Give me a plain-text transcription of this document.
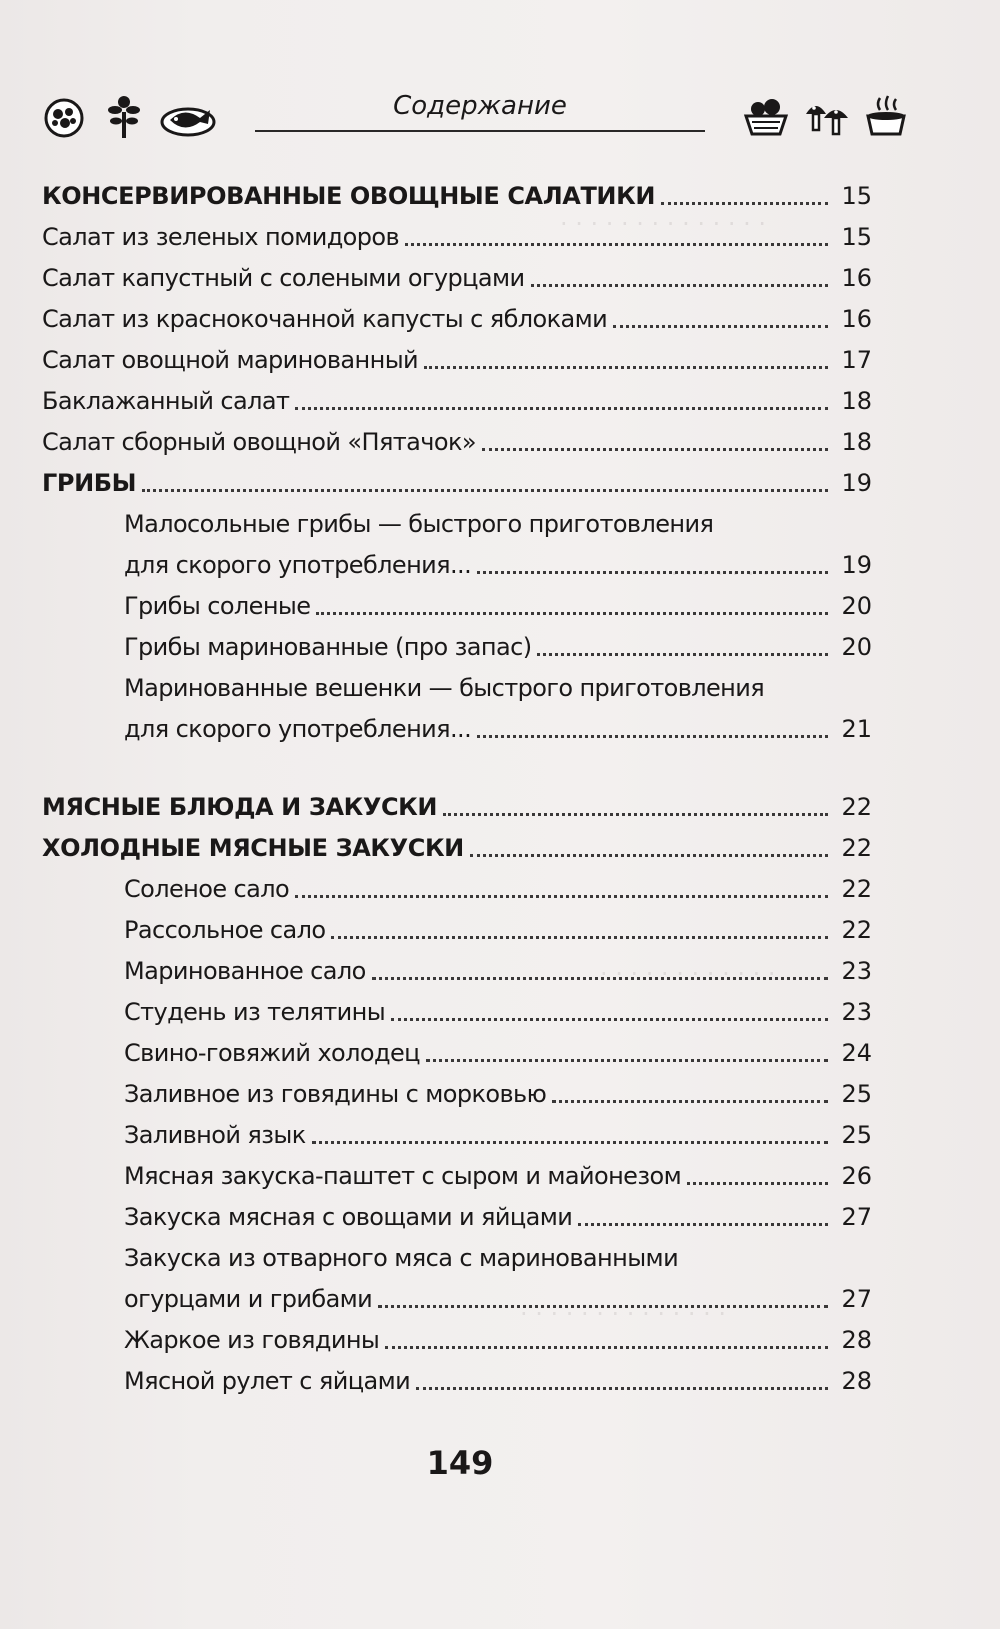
· · · · · · · · · · · · · ·
· · · · · · · · ·
· · · · · · · · · · · ·
· · · · · · · · · · · · · ·
Содержание
КОНСЕРВИРОВАННЫЕ ОВОЩНЫЕ САЛАТИКИ	15
Салат из зеленых помидоров	15
Салат капустный с солеными огурцами	16
Салат из краснокочанной капусты с яблоками	16
Салат овощной маринованный	17
Баклажанный салат	18
Салат сборный овощной «Пятачок»	18
ГРИБЫ	19
Малосольные грибы — быстрого приготовления
для скорого употребления...	19
Грибы соленые	20
Грибы маринованные (про запас)	20
Маринованные вешенки — быстрого приготовления
для скорого употребления...	21
МЯСНЫЕ БЛЮДА И ЗАКУСКИ	22
ХОЛОДНЫЕ МЯСНЫЕ ЗАКУСКИ	22
Соленое сало	22
Рассольное сало	22
Маринованное сало	23
Студень из телятины	23
Свино-говяжий холодец	24
Заливное из говядины с морковью	25
Заливной язык	25
Мясная закуска-паштет с сыром и майонезом	26
Закуска мясная с овощами и яйцами	27
Закуска из отварного мяса с маринованными
огурцами и грибами	27
Жаркое из говядины	28
Мясной рулет с яйцами	28
149
